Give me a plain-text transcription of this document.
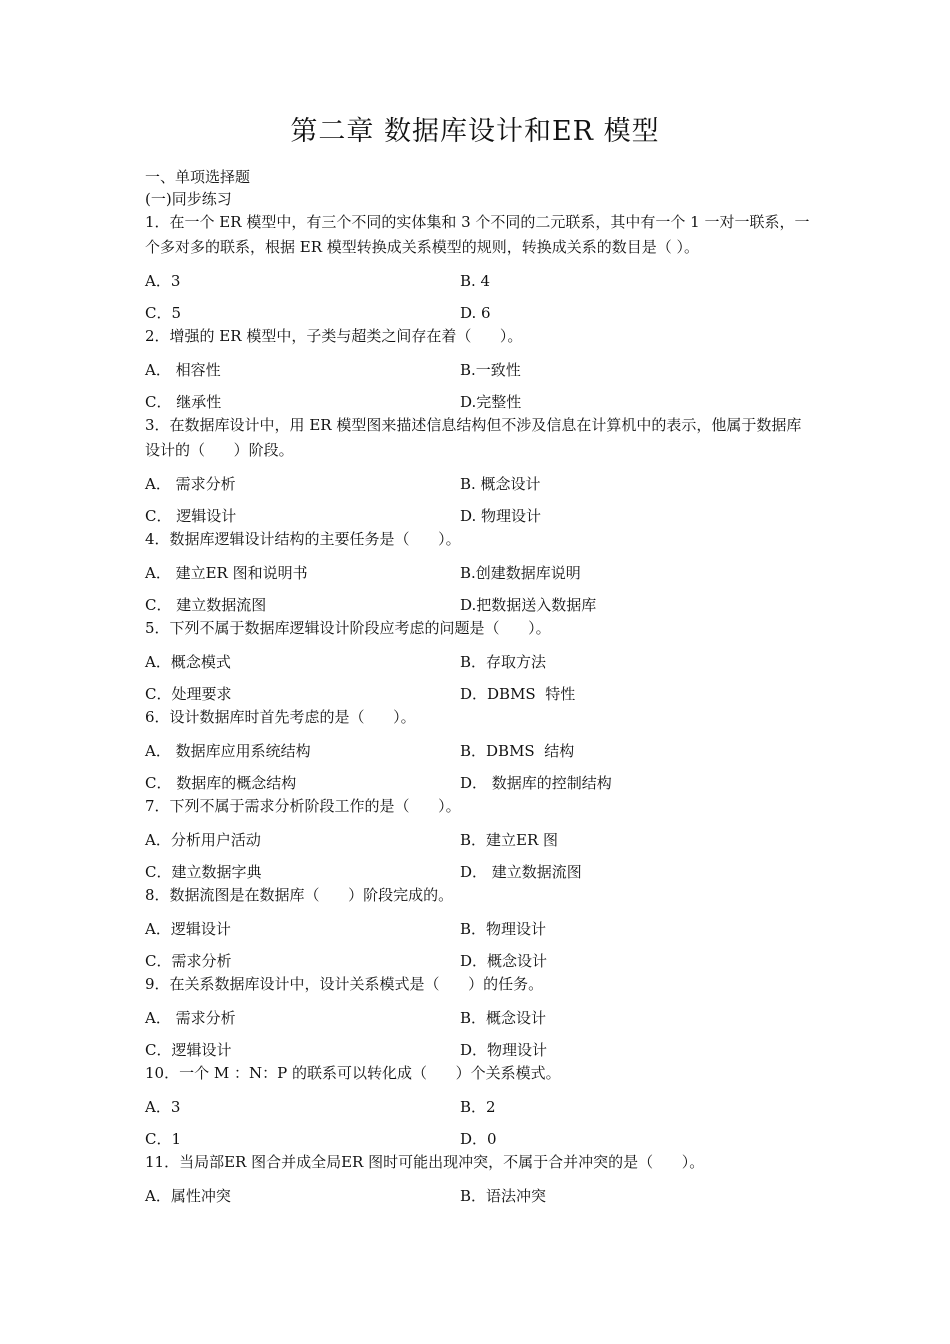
第二章 数据库设计和ER 模型
一、单项选择题
(一)同步练习
1．在一个 ER 模型中，有三个不同的实体集和 3 个不同的二元联系，其中有一个 1 一对一联系，一个多对多的联系，根据 ER 模型转换成关系模型的规则，转换成关系的数目是（ ）。
A．3	B. 4
C．5	D. 6
2．增强的 ER 模型中，子类与超类之间存在着（      ）。
A． 相容性	B.一致性
C． 继承性	D.完整性
3．在数据库设计中，用 ER 模型图来描述信息结构但不涉及信息在计算机中的表示，他属于数据库设计的（      ）阶段。
A． 需求分析	B. 概念设计
C． 逻辑设计	D. 物理设计
4．数据库逻辑设计结构的主要任务是（      ）。
A． 建立ER 图和说明书	B.创建数据库说明
C． 建立数据流图	D.把数据送入数据库
5．下列不属于数据库逻辑设计阶段应考虑的问题是（      ）。
A．概念模式	B．存取方法
C．处理要求	D．DBMS  特性
6．设计数据库时首先考虑的是（      ）。
A． 数据库应用系统结构	B．DBMS  结构
C． 数据库的概念结构	D． 数据库的控制结构
7．下列不属于需求分析阶段工作的是（      ）。
A．分析用户活动	B．建立ER 图
C．建立数据字典	D． 建立数据流图
8．数据流图是在数据库（      ）阶段完成的。
A．逻辑设计	B．物理设计
C．需求分析	D．概念设计
9．在关系数据库设计中，设计关系模式是（      ）的任务。
A． 需求分析	B．概念设计
C．逻辑设计	D．物理设计
10．一个 M ：N：P 的联系可以转化成（      ）个关系模式。
A．3	B．2
C．1	D．0
11．当局部ER 图合并成全局ER 图时可能出现冲突，不属于合并冲突的是（      ）。
A．属性冲突	B．语法冲突
